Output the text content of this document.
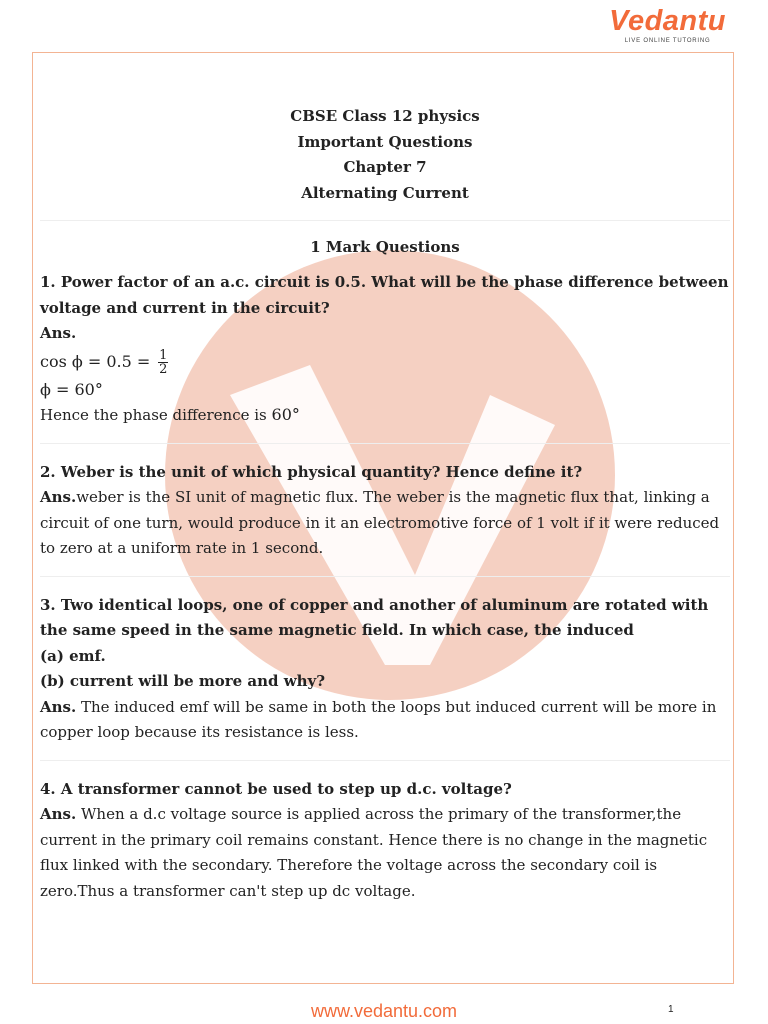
Vedantu
LIVE ONLINE TUTORING
CBSE Class 12 physics
Important Questions
Chapter 7
Alternating Current
1 Mark Questions
1. Power factor of an a.c. circuit is 0.5. What will be the phase difference between voltage and current in the circuit?
Ans.
$\cos \phi = 0.5 = \frac{1}{2}$
ϕ = 60°
Hence the phase difference is 60°
2. Weber is the unit of which physical quantity? Hence define it?
Ans.weber is the SI unit of magnetic flux. The weber is the magnetic flux that, linking a circuit of one turn, would produce in it an electromotive force of 1 volt if it were reduced to zero at a uniform rate in 1 second.
3. Two identical loops, one of copper and another of aluminum are rotated with the same speed in the same magnetic field. In which case, the induced
(a) emf.
(b) current will be more and why?
Ans. The induced emf will be same in both the loops but induced current will be more in copper loop because its resistance is less.
4. A transformer cannot be used to step up d.c. voltage?
Ans. When a d.c voltage source is applied across the primary of the transformer,the current in the primary coil remains constant. Hence there is no change in the magnetic flux linked with the secondary. Therefore the voltage across the secondary coil is zero.Thus a transformer can't step up dc voltage.
www.vedantu.com	1
